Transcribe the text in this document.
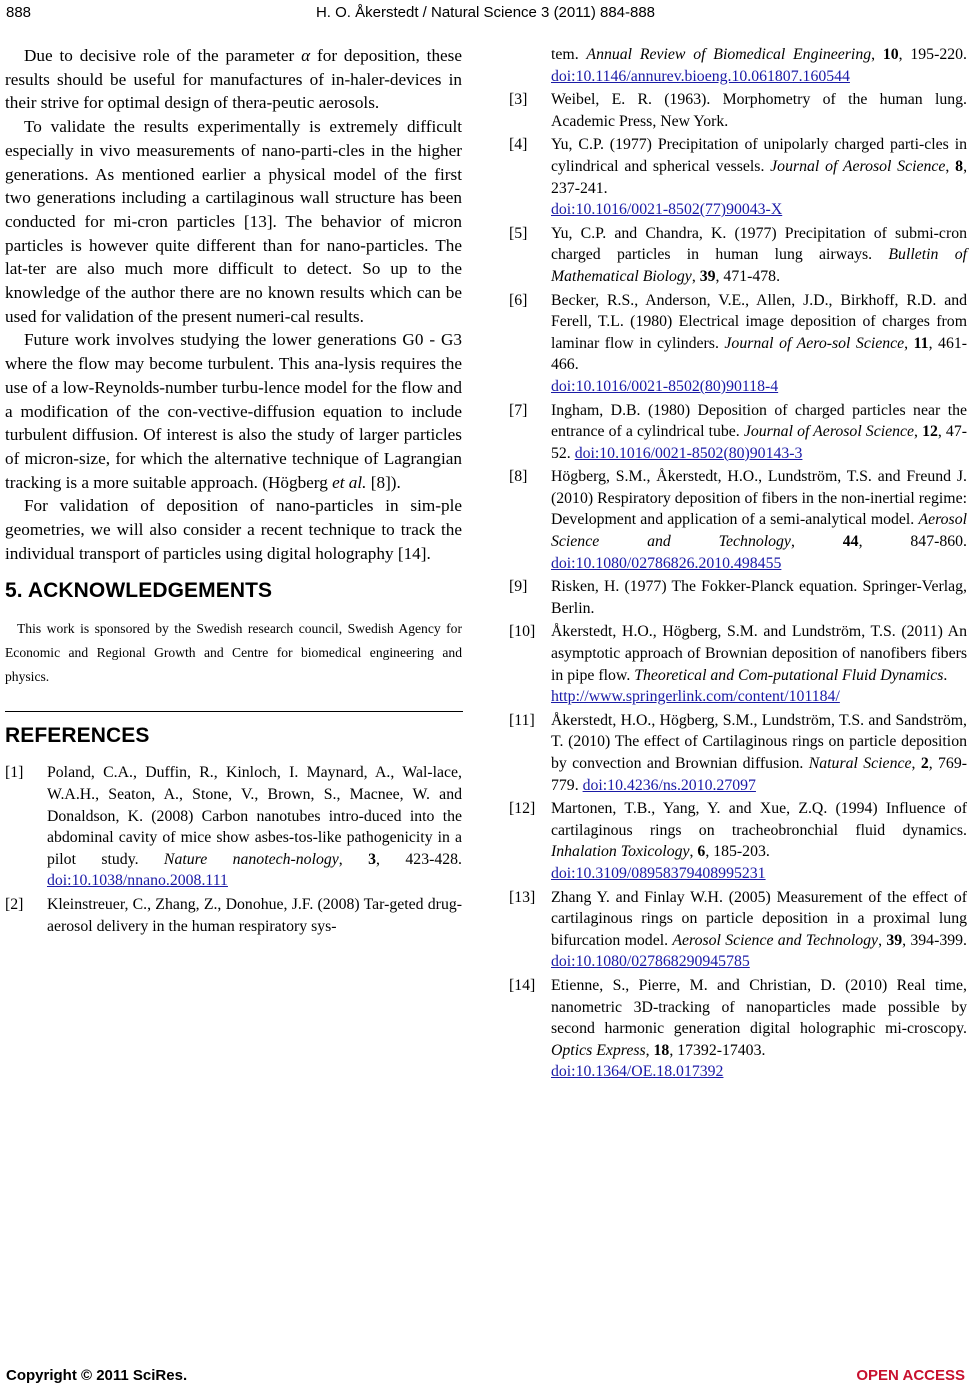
888	H. O. Åkerstedt / Natural Science 3 (2011) 884-888

Due to decisive role of the parameter α for deposition, these results should be useful for manufactures of in-haler-devices in their strive for optimal design of thera-peutic aerosols.

To validate the results experimentally is extremely difficult especially in vivo measurements of nano-parti-cles in the higher generations. As mentioned earlier a physical model of the first two generations including a cartilaginous wall structure has been conducted for mi-cron particles [13]. The behavior of micron particles is however quite different than for nano-particles. The lat-ter are also much more difficult to detect. So up to the knowledge of the author there are no known results which can be used for validation of the present numeri-cal results.

Future work involves studying the lower generations G0 - G3 where the flow may become turbulent. This ana-lysis requires the use of a low-Reynolds-number turbu-lence model for the flow and a modification of the con-vective-diffusion equation to include turbulent diffusion. Of interest is also the study of larger particles of micron-size, for which the alternative technique of Lagrangian tracking is a more suitable approach. (Högberg et al. [8]).

For validation of deposition of nano-particles in sim-ple geometries, we will also consider a recent technique to track the individual transport of particles using digital holography [14].

5. ACKNOWLEDGEMENTS

This work is sponsored by the Swedish research council, Swedish Agency for Economic and Regional Growth and Centre for biomedical engineering and physics.

REFERENCES
[1]	Poland, C.A., Duffin, R., Kinloch, I. Maynard, A., Wal-lace, W.A.H., Seaton, A., Stone, V., Brown, S., Macnee, W. and Donaldson, K. (2008) Carbon nanotubes intro-duced into the abdominal cavity of mice show asbes-tos-like pathogenicity in a pilot study. Nature nanotech-nology, 3, 423-428. doi:10.1038/nnano.2008.111
[2]	Kleinstreuer, C., Zhang, Z., Donohue, J.F. (2008) Tar-geted drug-aerosol delivery in the human respiratory sys-
tem. Annual Review of Biomedical Engineering, 10, 195-220. doi:10.1146/annurev.bioeng.10.061807.160544
[3]	Weibel, E. R. (1963). Morphometry of the human lung. Academic Press, New York.
[4]	Yu, C.P. (1977) Precipitation of unipolarly charged parti-cles in cylindrical and spherical vessels. Journal of Aerosol Science, 8, 237-241.
doi:10.1016/0021-8502(77)90043-X
[5]	Yu, C.P. and Chandra, K. (1977) Precipitation of submi-cron charged particles in human lung airways. Bulletin of Mathematical Biology, 39, 471-478.
[6]	Becker, R.S., Anderson, V.E., Allen, J.D., Birkhoff, R.D. and Ferell, T.L. (1980) Electrical image deposition of charges from laminar flow in cylinders. Journal of Aero-sol Science, 11, 461-466.
doi:10.1016/0021-8502(80)90118-4
[7]	Ingham, D.B. (1980) Deposition of charged particles near the entrance of a cylindrical tube. Journal of Aerosol Science, 12, 47-52. doi:10.1016/0021-8502(80)90143-3
[8]	Högberg, S.M., Åkerstedt, H.O., Lundström, T.S. and Freund J. (2010) Respiratory deposition of fibers in the non-inertial regime: Development and application of a semi-analytical model. Aerosol Science and Technology, 44, 847-860. doi:10.1080/02786826.2010.498455
[9]	Risken, H. (1977) The Fokker-Planck equation. Springer-Verlag, Berlin.
[10] Åkerstedt, H.O., Högberg, S.M. and Lundström, T.S. (2011) An asymptotic approach of Brownian deposition of nanofibers fibers in pipe flow. Theoretical and Com-putational Fluid Dynamics.
http://www.springerlink.com/content/101184/
[11]	Åkerstedt, H.O., Högberg, S.M., Lundström, T.S. and Sandström, T. (2010) The effect of Cartilaginous rings on particle deposition by convection and Brownian diffusion. Natural Science, 2, 769-779. doi:10.4236/ns.2010.27097
[12] Martonen, T.B., Yang, Y. and Xue, Z.Q. (1994) Influence of cartilaginous rings on tracheobronchial fluid dynamics. Inhalation Toxicology, 6, 185-203.
doi:10.3109/08958379408995231
[13] Zhang Y. and Finlay W.H. (2005) Measurement of the effect of cartilaginous rings on particle deposition in a proximal lung bifurcation model. Aerosol Science and Technology, 39, 394-399. doi:10.1080/027868290945785
[14] Etienne, S., Pierre, M. and Christian, D. (2010) Real time, nanometric 3D-tracking of nanoparticles made possible by second harmonic generation digital holographic mi-croscopy. Optics Express, 18, 17392-17403.
doi:10.1364/OE.18.017392
Copyright © 2011 SciRes.	OPEN ACCESS
